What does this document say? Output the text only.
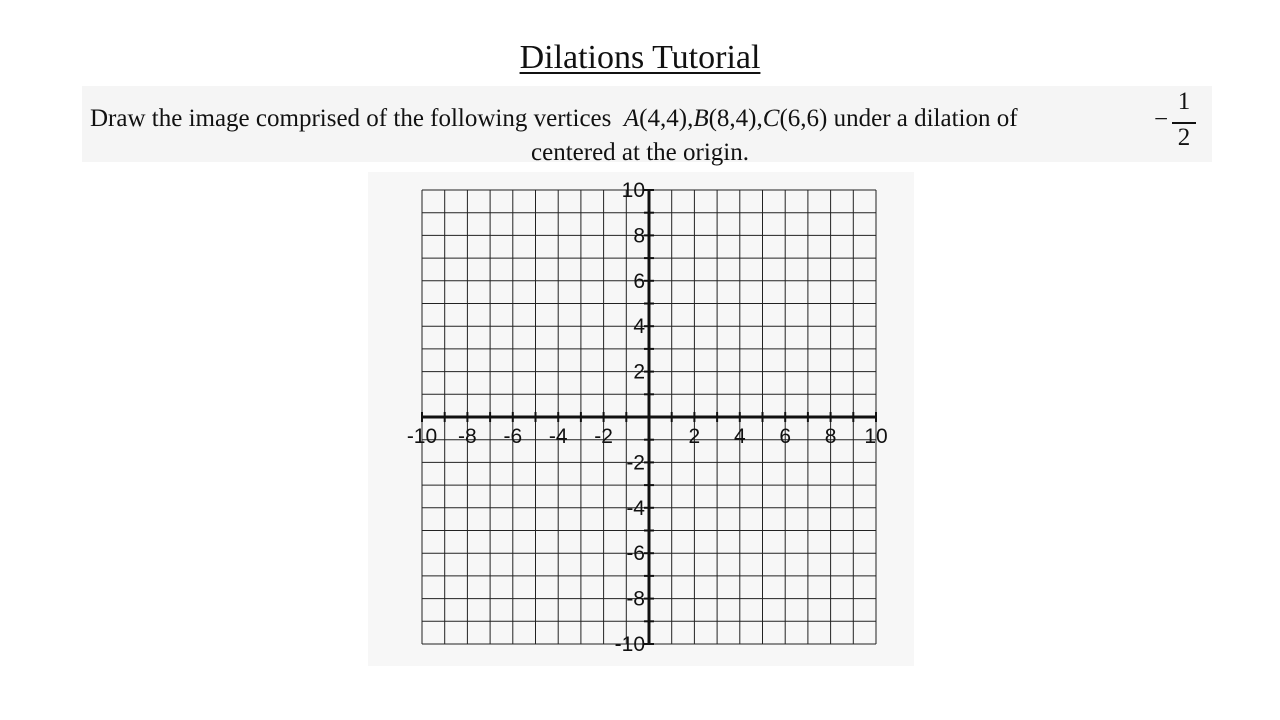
Dilations Tutorial
Draw the image comprised of the following vertices A(4,4),B(8,4),C(6,6) under a dilation of	−
1
2
centered at the origin.
-10 -8 -6 -4 -2	2 4 6 8 10
10
8
6
4
2
-2
-4
-6
-8
-10
